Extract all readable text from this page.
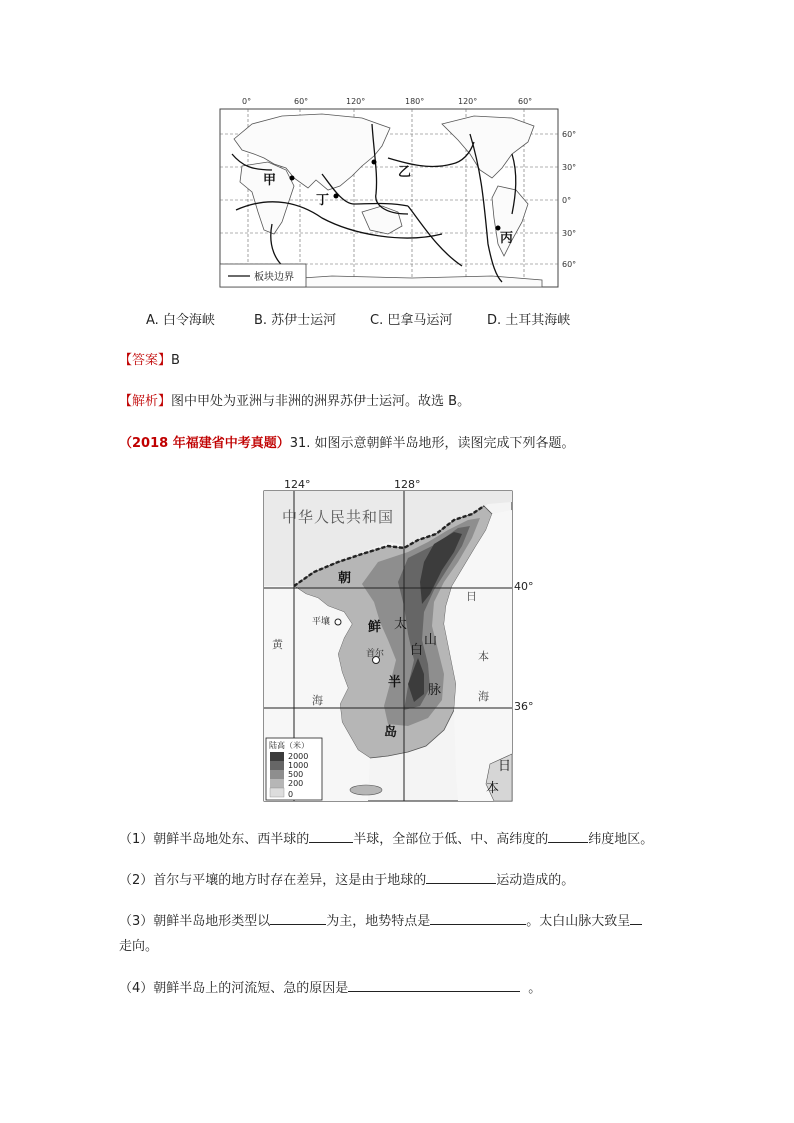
0°	60°	120°	180°	120°	60°
60°
30°
0°
30°
60°
甲
乙
丁
丙
板块边界
A. 白令海峡	B. 苏伊士运河	C. 巴拿马运河	D. 土耳其海峡
【答案】B
【解析】图中甲处为亚洲与非洲的洲界苏伊士运河。故选 B。
（2018 年福建省中考真题）31. 如图示意朝鲜半岛地形，读图完成下列各题。
124°	128°
40°
36°
中华人民共和国
朝
鲜
半
岛
太
白
山
脉
黄
海
日
本
海
日
本
平壤
首尔
陆高（米）
2000
1000
500
200
0
（1）朝鲜半岛地处东、西半球的	半球，全部位于低、中、高纬度的	纬度地区。
（2）首尔与平壤的地方时存在差异，这是由于地球的	运动造成的。
（3）朝鲜半岛地形类型以	为主，地势特点是	。太白山脉大致呈
走向。
（4）朝鲜半岛上的河流短、急的原因是	。
